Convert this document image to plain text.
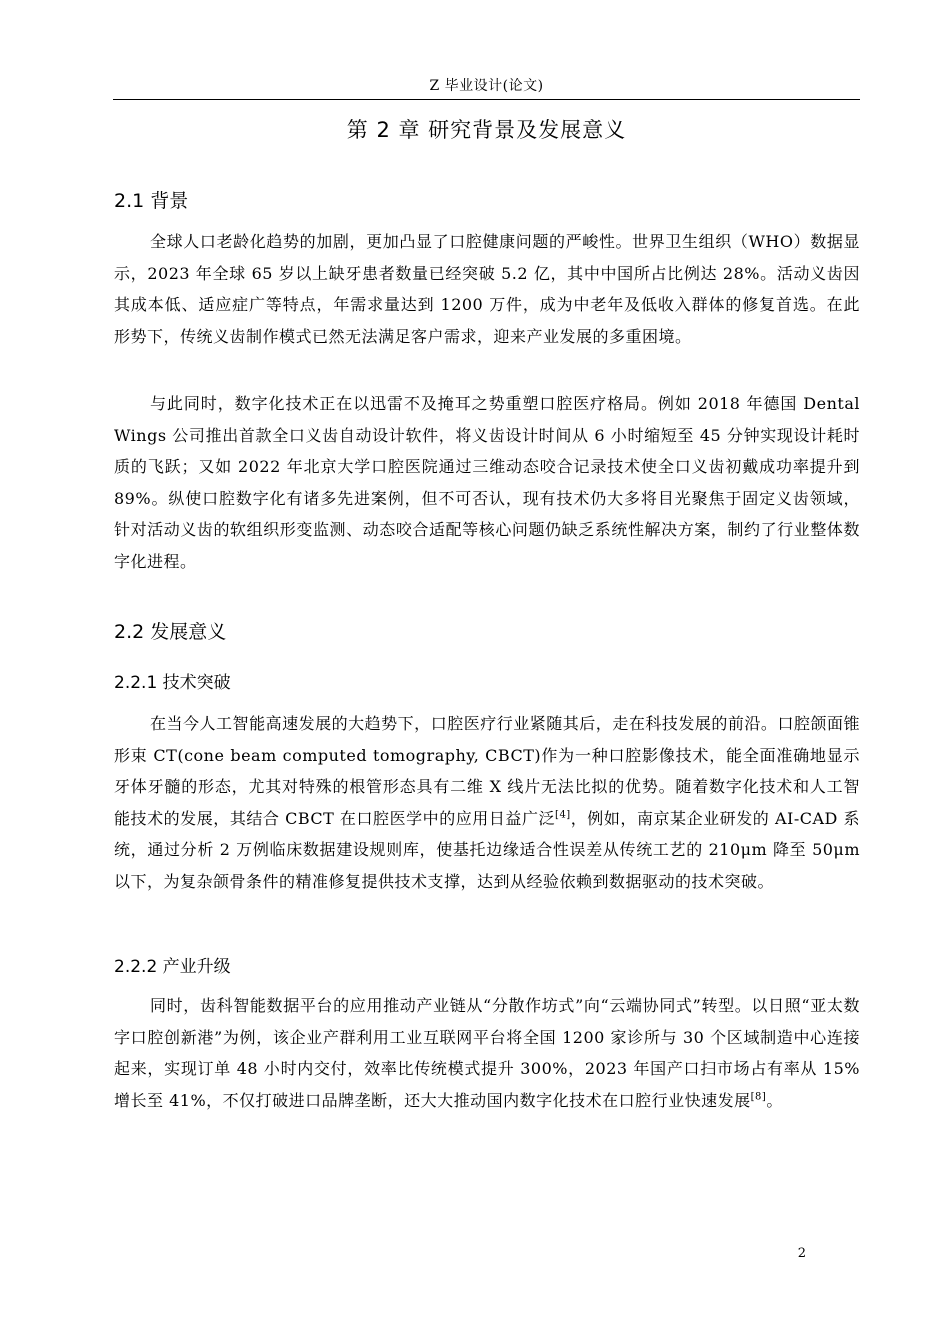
Z 毕业设计(论文)
第 2 章 研究背景及发展意义
2.1 背景
全球人口老龄化趋势的加剧，更加凸显了口腔健康问题的严峻性。世界卫生组织（WHO）数据显示，2023 年全球 65 岁以上缺牙患者数量已经突破 5.2 亿，其中中国所占比例达 28%。活动义齿因其成本低、适应症广等特点，年需求量达到 1200 万件，成为中老年及低收入群体的修复首选。在此形势下，传统义齿制作模式已然无法满足客户需求，迎来产业发展的多重困境。
与此同时，数字化技术正在以迅雷不及掩耳之势重塑口腔医疗格局。例如 2018 年德国 Dental Wings 公司推出首款全口义齿自动设计软件，将义齿设计时间从 6 小时缩短至 45 分钟实现设计耗时质的飞跃；又如 2022 年北京大学口腔医院通过三维动态咬合记录技术使全口义齿初戴成功率提升到 89%。纵使口腔数字化有诸多先进案例，但不可否认，现有技术仍大多将目光聚焦于固定义齿领域，针对活动义齿的软组织形变监测、动态咬合适配等核心问题仍缺乏系统性解决方案，制约了行业整体数字化进程。
2.2 发展意义
2.2.1 技术突破
在当今人工智能高速发展的大趋势下，口腔医疗行业紧随其后，走在科技发展的前沿。口腔颌面锥形束 CT(cone beam computed tomography, CBCT)作为一种口腔影像技术，能全面准确地显示牙体牙髓的形态，尤其对特殊的根管形态具有二维 X 线片无法比拟的优势。随着数字化技术和人工智能技术的发展，其结合 CBCT 在口腔医学中的应用日益广泛[4]，例如，南京某企业研发的 AI-CAD 系统，通过分析 2 万例临床数据建设规则库，使基托边缘适合性误差从传统工艺的 210μm 降至 50μm 以下，为复杂颌骨条件的精准修复提供技术支撑，达到从经验依赖到数据驱动的技术突破。
2.2.2 产业升级
同时，齿科智能数据平台的应用推动产业链从“分散作坊式”向“云端协同式”转型。以日照“亚太数字口腔创新港”为例，该企业产群利用工业互联网平台将全国 1200 家诊所与 30 个区域制造中心连接起来，实现订单 48 小时内交付，效率比传统模式提升 300%，2023 年国产口扫市场占有率从 15%增长至 41%，不仅打破进口品牌垄断，还大大推动国内数字化技术在口腔行业快速发展[8]。
2
